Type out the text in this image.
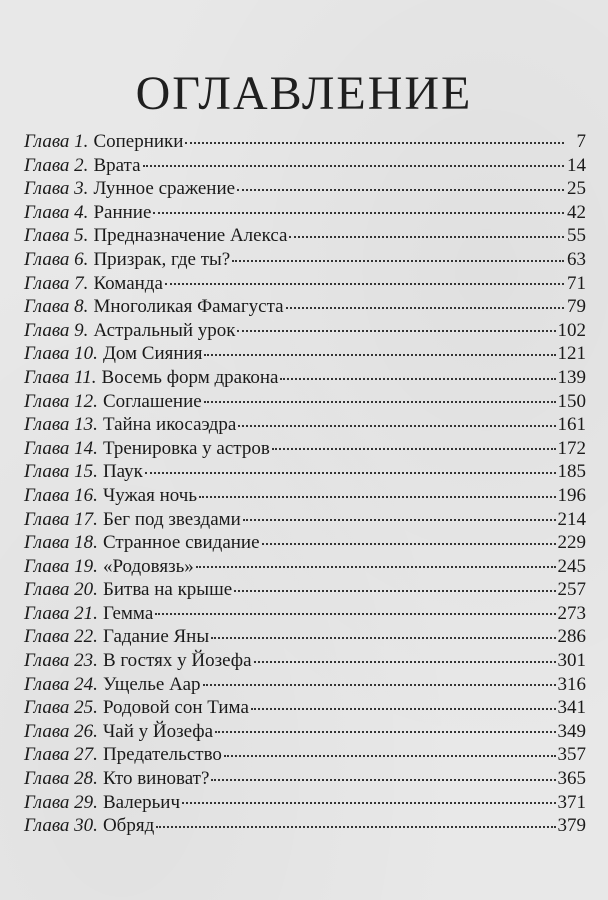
ОГЛАВЛЕНИЕ
Глава 1. Соперники	7
Глава 2. Врата	14
Глава 3. Лунное сражение	25
Глава 4. Ранние	42
Глава 5. Предназначение Алекса	55
Глава 6. Призрак, где ты?	63
Глава 7. Команда	71
Глава 8. Многоликая Фамагуста	79
Глава 9. Астральный урок	102
Глава 10. Дом Сияния	121
Глава 11. Восемь форм дракона	139
Глава 12. Соглашение	150
Глава 13. Тайна икосаэдра	161
Глава 14. Тренировка у астров	172
Глава 15. Паук	185
Глава 16. Чужая ночь	196
Глава 17. Бег под звездами	214
Глава 18. Странное свидание	229
Глава 19. «Родовязь»	245
Глава 20. Битва на крыше	257
Глава 21. Гемма	273
Глава 22. Гадание Яны	286
Глава 23. В гостях у Йозефа	301
Глава 24. Ущелье Аар	316
Глава 25. Родовой сон Тима	341
Глава 26. Чай у Йозефа	349
Глава 27. Предательство	357
Глава 28. Кто виноват?	365
Глава 29. Валерьич	371
Глава 30. Обряд	379
